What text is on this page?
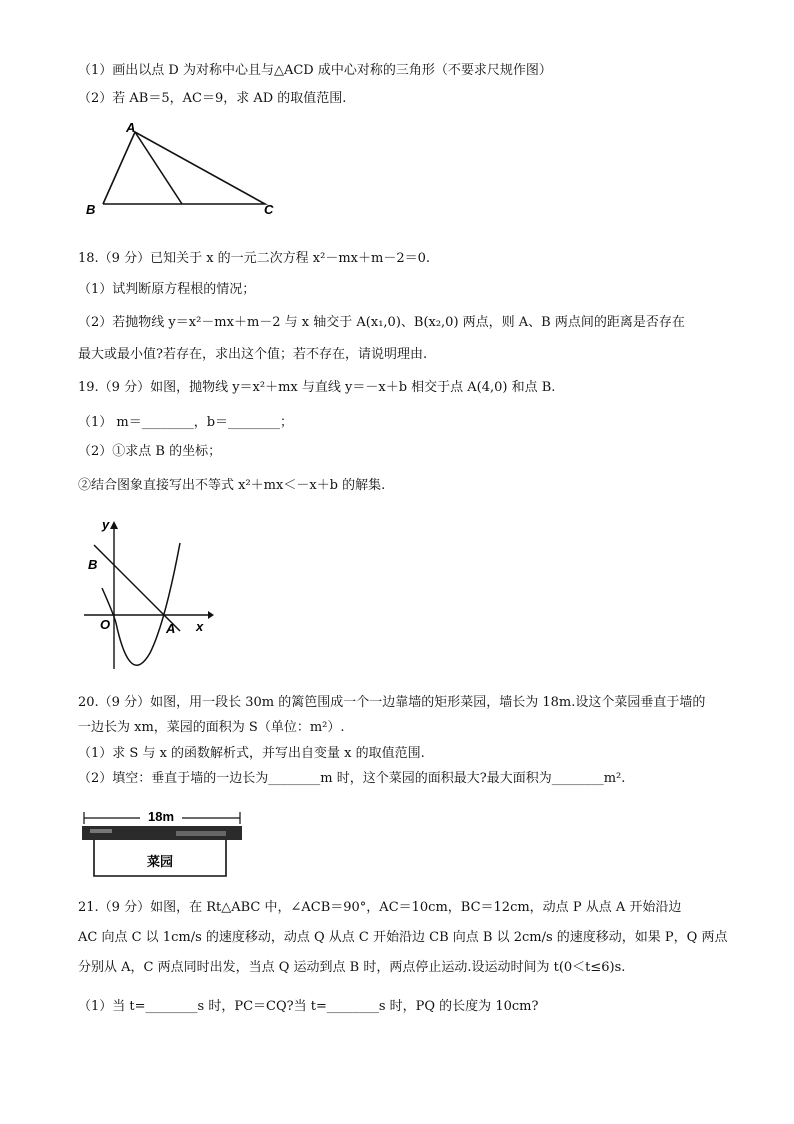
（1）画出以点 D 为对称中心且与△ACD 成中心对称的三角形（不要求尺规作图）
（2）若 AB＝5，AC＝9，求 AD 的取值范围.
A
B	C
18.（9 分）已知关于 x 的一元二次方程 x²－mx＋m－2＝0.
（1）试判断原方程根的情况；
（2）若抛物线 y＝x²－mx＋m－2 与 x 轴交于 A(x₁,0)、B(x₂,0) 两点，则 A、B 两点间的距离是否存在
最大或最小值?若存在，求出这个值；若不存在，请说明理由.
19.（9 分）如图，抛物线 y＝x²＋mx 与直线 y＝－x＋b 相交于点 A(4,0) 和点 B.
（1） m＝________，b＝________；
（2）①求点 B 的坐标；
②结合图象直接写出不等式 x²＋mx＜－x＋b 的解集.
y
x
O	A
B
20.（9 分）如图，用一段长 30m 的篱笆围成一个一边靠墙的矩形菜园，墙长为 18m.设这个菜园垂直于墙的
一边长为 xm，菜园的面积为 S（单位：m²）.
（1）求 S 与 x 的函数解析式，并写出自变量 x 的取值范围.
（2）填空：垂直于墙的一边长为________m 时，这个菜园的面积最大?最大面积为________m².
18m
菜园
21.（9 分）如图，在 Rt△ABC 中，∠ACB＝90°，AC＝10cm，BC＝12cm，动点 P 从点 A 开始沿边
AC 向点 C 以 1cm/s 的速度移动，动点 Q 从点 C 开始沿边 CB 向点 B 以 2cm/s 的速度移动，如果 P，Q 两点
分别从 A，C 两点同时出发，当点 Q 运动到点 B 时，两点停止运动.设运动时间为 t(0＜t≤6)s.
（1）当 t=________s 时，PC＝CQ?当 t=________s 时，PQ 的长度为 10cm?
